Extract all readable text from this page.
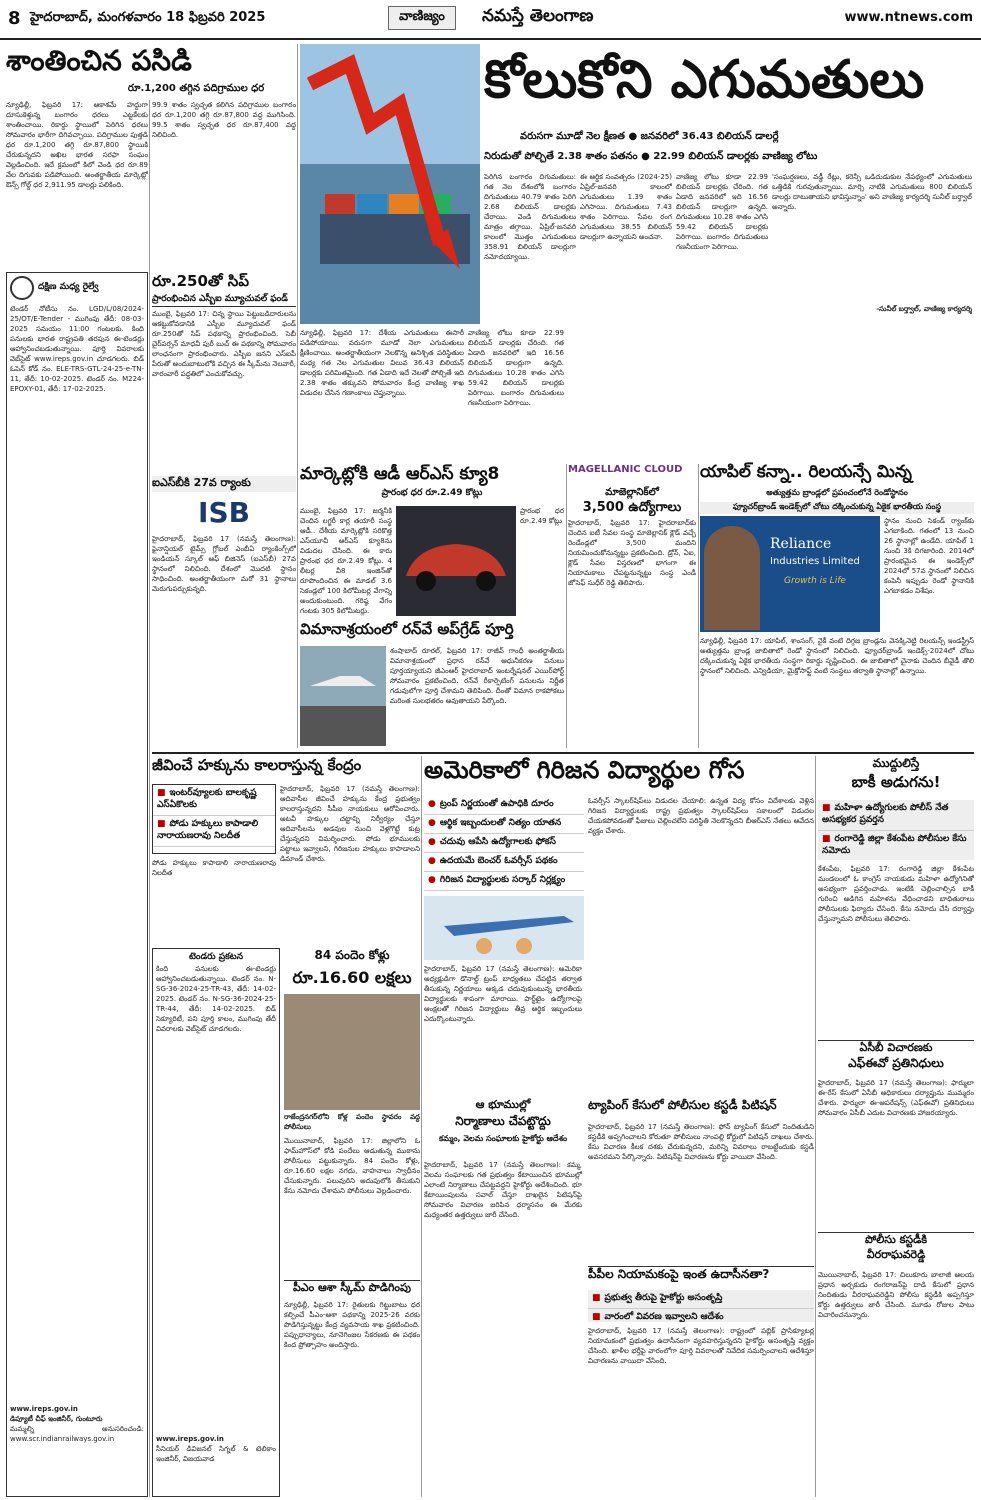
8 హైదరాబాద్, మంగళవారం 18 ఫిబ్రవరి 2025	వాణిజ్యం	నమస్తే తెలంగాణ	www.ntnews.com
శాంతించిన పసిడి
రూ.1,200 తగ్గిన పదిగ్రాముల ధర
న్యూఢిల్లీ, ఫిబ్రవరి 17: ఆకాశమే హద్దుగా దూసుకెళ్తున్న బంగారం ధరలు ఎట్టకేలకు శాంతించాయి. రికార్డు స్థాయిలో పెరిగిన ధరలు సోమవారం భారీగా దిగివచ్చాయి. పదిగ్రాముల పుత్తడి ధర రూ.1,200 తగ్గి రూ.87,800 స్థాయికి చేరుకున్నదని అఖిల భారత సరఫా సంఘం వెల్లడించింది. ఇదే క్రమంలో కిలో వెండి ధర రూ.89 వేల దిగువకు పడిపోయింది. అంతర్జాతీయ మార్కెట్లో ఔన్స్ గోల్డ్ ధర 2,911.95 డాలర్లు పలికింది.
99.9 శాతం స్వచ్ఛత కలిగిన పదిగ్రాముల బంగారం ధర రూ.1,200 తగ్గి రూ.87,800 వద్ద ముగిసింది. 99.5 శాతం స్వచ్ఛత ధర రూ.87,400 వద్ద నిలిచింది.
దక్షిణ మధ్య రైల్వే
టెండర్ నోటీసు నం. LGD/L/08/2024-25/OT/E-Tender - ముగింపు తేదీ: 08-03-2025 సమయం 11:00 గంటలకు. కింది పనులకు భారత రాష్ట్రపతి తరపున ఈ-టెండర్లు ఆహ్వానించబడుతున్నాయి. పూర్తి వివరాలకు వెబ్‌సైట్ www.ireps.gov.in చూడగలరు. బిడ్ ఓపెన్ కోడ్ నం. ELE-TRS-GTL-24-25-e-TN-11, తేదీ: 10-02-2025. టెండర్ నం. M224-EPOXY-01, తేదీ: 17-02-2025.
www.ireps.gov.in
డిప్యూటీ చీఫ్ ఇంజినీర్, గుంటూరు
మమ్మల్ని అనుసరించండి: www.scr.indianrailways.gov.in
కోలుకోని ఎగుమతులు
వరుసగా మూడో నెల క్షీణత ● జనవరిలో 36.43 బిలియన్ డాలర్లే
నిరుడుతో పోల్చితే 2.38 శాతం పతనం ● 22.99 బిలియన్ డాలర్లకు వాణిజ్య లోటు
పెరిగిన బంగారం దిగుమతులు: గత నెల దేశంలోకి బంగారం దిగుమతులు 40.79 శాతం పెరిగి 2.68 బిలియన్ డాలర్లకు చేరాయి. వెండి దిగుమతులు మాత్రం తగ్గాయి. ఏప్రిల్-జనవరి కాలంలో మొత్తం ఎగుమతులు 358.91 బిలియన్ డాలర్లుగా నమోదయ్యాయి.
ఈ ఆర్థిక సంవత్సరం (2024-25) ఏప్రిల్-జనవరి కాలంలో ఎగుమతులు 1.39 శాతం ఎగిసాయి. దిగుమతులు 7.43 శాతం పెరిగాయి. సేవల రంగ ఎగుమతులు 38.55 బిలియన్ డాలర్లుగా ఉన్నాయని అంచనా.
వాణిజ్య లోటు కూడా 22.99 బిలియన్ డాలర్లకు చేరింది. గత ఏడాది జనవరిలో ఇది 16.56 బిలియన్ డాలర్లుగా ఉన్నది. దిగుమతులు 10.28 శాతం ఎగిసి 59.42 బిలియన్ డాలర్లకు పెరిగాయి. బంగారం దిగుమతులు గణనీయంగా పెరిగాయి.
'సంఘర్షణలు, వడ్డీ రేట్లు, కరెన్సీ ఒడిదుడుకుల నేపథ్యంలో ఎగుమతులు ఒత్తిడికి గురవుతున్నాయి. మార్చి నాటికి ఎగుమతులు 800 బిలియన్ డాలర్లు దాటుతాయని భావిస్తున్నాం' అని వాణిజ్య కార్యదర్శి సునీల్ బర్త్వాల్ అన్నారు.
-సునీల్ బర్త్వాల్, వాణిజ్య కార్యదర్శి
న్యూఢిల్లీ, ఫిబ్రవరి 17: దేశీయ ఎగుమతులు ఈసారీ పడిపోయాయి. వరుసగా మూడో నెలా ఎగుమతులు క్షీణించాయి. అంతర్జాతీయంగా నెలకొన్న అనిశ్చిత పరిస్థితుల మధ్య గత నెల ఎగుమతుల విలువ 36.43 బిలియన్ డాలర్లకు పరిమితమైంది. గత ఏడాది ఇదే నెలతో పోల్చితే ఇది 2.38 శాతం తక్కువని సోమవారం కేంద్ర వాణిజ్య శాఖ విడుదల చేసిన గణాంకాలు చెప్తున్నాయి.
వాణిజ్య లోటు కూడా 22.99 బిలియన్ డాలర్లకు చేరింది. గత ఏడాది జనవరిలో ఇది 16.56 బిలియన్ డాలర్లుగా ఉన్నది. దిగుమతులు 10.28 శాతం ఎగిసి 59.42 బిలియన్ డాలర్లకు పెరిగాయి. బంగారం దిగుమతులు గణనీయంగా పెరిగాయి.
రూ.250తో సిప్
ప్రారంభించిన ఎస్బీఐ మ్యూచువల్ ఫండ్
ముంబై, ఫిబ్రవరి 17: చిన్న స్థాయి పెట్టుబడిదారులను ఆకట్టుకోవడానికి ఎస్బీఐ మ్యూచువల్ ఫండ్ రూ.250తో సిప్ పథకాన్ని ప్రారంభించింది. సెబీ చైర్‌పర్సన్ మాధవీ పురీ బుచ్ ఈ పథకాన్ని సోమవారం లాంఛనంగా ప్రారంభించారు. ఎస్బీఐ జనని ఎస్ఐపీ పేరుతో అందుబాటులోకి వచ్చిన ఈ స్కీమ్‌ను నెలవారీ, వారంవారీ పద్ధతిలో ఎంచుకోవచ్చు.
ఐఎస్‌బీకి 27వ ర్యాంకు
ISB
హైదరాబాద్, ఫిబ్రవరి 17 (నమస్తే తెలంగాణ): ఫైనాన్షియల్ టైమ్స్ గ్లోబల్ ఎంబీఏ ర్యాంకింగ్స్‌లో ఇండియన్ స్కూల్ ఆఫ్ బిజినెస్ (ఐఎస్‌బీ) 27వ స్థానంలో నిలిచింది. దేశంలో మొదటి స్థానం సాధించింది. అంతర్జాతీయంగా మరో 31 స్థానాలు మెరుగుపర్చుకున్నది.
మార్కెట్లోకి ఆడీ ఆర్‌ఎస్ క్యూ8
ప్రారంభ ధర రూ.2.49 కోట్లు
ముంబై, ఫిబ్రవరి 17: జర్మనీకి చెందిన లగ్జరీ కార్ల తయారీ సంస్థ ఆడీ.. దేశీయ మార్కెట్లోకి సరికొత్త ఎస్‌యూవీ ఆర్‌ఎస్ క్యూ8ను విడుదల చేసింది. ఈ కారు ప్రారంభ ధర రూ.2.49 కోట్లు. 4 లీటర్ల వీ8 ఇంజిన్‌తో రూపొందించిన ఈ మాడల్ 3.6 సెకండ్లలో 100 కిలోమీటర్ల వేగాన్ని అందుకుంటుంది. గరిష్ఠ వేగం గంటకు 305 కిలోమీటర్లు.
ప్రారంభ ధర రూ.2.49 కోట్లు
విమానాశ్రయంలో రన్‌వే అప్‌గ్రేడ్ పూర్తి
శంషాబాద్ రూరల్, ఫిబ్రవరి 17: రాజీవ్ గాంధీ అంతర్జాతీయ విమానాశ్రయంలో ప్రధాన రన్‌వే ఆధునీకరణ పనులు పూర్తయ్యాయని జీఎంఆర్ హైదరాబాద్ ఇంటర్నేషనల్ ఎయిర్‌పోర్ట్ సోమవారం ప్రకటించింది. రన్‌వే రీకార్పెటింగ్ పనులను నిర్ణీత గడువులోగా పూర్తి చేశామని తెలిపింది. దీంతో విమాన రాకపోకలు మరింత సులభతరం అవుతాయని పేర్కొంది.
MAGELLANIC CLOUD
మాజెల్లానిక్‌లో
3,500 ఉద్యోగాలు
హైదరాబాద్, ఫిబ్రవరి 17: హైదరాబాద్‌కు చెందిన ఐటీ సేవల సంస్థ మాజెల్లానిక్ క్లౌడ్ వచ్చే రెండేండ్లలో 3,500 మందిని నియమించుకోనున్నట్టు ప్రకటించింది. డ్రోన్, ఏఐ, క్లౌడ్ సేవల విస్తరణలో భాగంగా ఈ నియామకాలు చేపట్టనున్నట్టు సంస్థ ఎండీ జోసెఫ్ సుధీర్ రెడ్డి తెలిపారు.
యాపిల్ కన్నా.. రిలయన్సే మిన్న
అత్యుత్తమ బ్రాండ్లలో ప్రపంచంలోనే రెండోస్థానం
ఫ్యూచర్‌బ్రాండ్ ఇండెక్స్‌లో చోటు దక్కించుకున్న ఏకైక భారతీయ సంస్థ
Reliance
Industries Limited
Growth is Life
స్థానం నుంచి సెకండ్ ర్యాంక్‌కు ఎగబాకింది. గతంలో 13 నుంచి 26 స్థానాల్లో ఉండేది. యాపిల్ 1 నుంచి 3కి దిగజారింది. 2014లో ప్రారంభమైన ఈ ఇండెక్స్‌లో 2024లో 57వ స్థానంలో నిలిచిన కంపెనీ ఇప్పుడు రెండో స్థానానికి ఎగబాకడం విశేషం.
న్యూఢిల్లీ, ఫిబ్రవరి 17: యాపిల్, శాంసంగ్, నైకీ వంటి దిగ్గజ బ్రాండ్లను వెనక్కినెట్టి రిలయన్స్ ఇండస్ట్రీస్ అత్యుత్తమ బ్రాండ్ల జాబితాలో రెండో స్థానంలో నిలిచింది. ఫ్యూచర్‌బ్రాండ్ ఇండెక్స్-2024లో చోటు దక్కించుకున్న ఏకైక భారతీయ సంస్థగా రికార్డు సృష్టించింది. ఈ జాబితాలో చైనాకు చెందిన బీవైడీ తొలి స్థానంలో నిలిచింది. ఎన్విడియా, మైక్రోసాఫ్ట్ వంటి సంస్థలు తర్వాతి స్థానాల్లో ఉన్నాయి.
జీవించే హక్కును కాలరాస్తున్న కేంద్రం
■ ఇంటర్‌వ్యూలకు బాలకృష్ణ ఎస్ఏకొలకు
■ పోడు హక్కులు కాపాడాలి నారాయణరావు నిలదీత
హైదరాబాద్, ఫిబ్రవరి 17 (నమస్తే తెలంగాణ): ఆదివాసీల జీవించే హక్కును కేంద్ర ప్రభుత్వం కాలరాస్తున్నదని సీపీఐ నాయకులు ఆరోపించారు. అటవీ హక్కుల చట్టాన్ని నిర్వీర్యం చేస్తూ ఆదివాసీలను అడవుల నుంచి వెళ్లగొట్టే కుట్ర చేస్తున్నదని విమర్శించారు. పోడు భూములకు పట్టాలు ఇవ్వాలని, గిరిజనుల హక్కులు కాపాడాలని డిమాండ్ చేశారు.
పోడు హక్కులు కాపాడాలి నారాయణరావు నిలదీత
టెండరు ప్రకటన
కింది పనులకు ఈ-టెండర్లు ఆహ్వానించబడుతున్నాయి. టెండర్ నం. N-SG-36-2024-25-TR-43, తేదీ: 14-02-2025. టెండర్ నం. N-SG-36-2024-25-TR-44, తేదీ: 14-02-2025. బిడ్ సెక్యూరిటీ, పని పూర్తి కాలం, ముగింపు తేదీ వివరాలకు వెబ్‌సైట్ చూడగలరు.
www.ireps.gov.in
సీనియర్ డివిజనల్ సిగ్నల్ & టెలికాం ఇంజినీర్, విజయవాడ
84 పందెం కోళ్లు
రూ.16.60 లక్షలు
రాజేంద్రనగర్‌లోని కోళ్ల పందెం స్థావరం వద్ద పోలీసులు
మొయినాబాద్, ఫిబ్రవరి 17: జిల్లాలోని ఓ ఫామ్‌హౌస్‌లో కోడి పందేలు ఆడుతున్న ముఠాను పోలీసులు పట్టుకున్నారు. 84 పందెం కోళ్లు, రూ.16.60 లక్షల నగదు, వాహనాలు స్వాధీనం చేసుకున్నారు. పలువురిని అదుపులోకి తీసుకుని కేసు నమోదు చేశామని పోలీసులు వెల్లడించారు.
పీఎం ఆశా స్కీమ్ పొడిగింపు
న్యూఢిల్లీ, ఫిబ్రవరి 17: రైతులకు గిట్టుబాటు ధర కల్పించే పీఎం-ఆశా పథకాన్ని 2025-26 వరకు పొడిగిస్తున్నట్టు కేంద్ర వ్యవసాయ శాఖ ప్రకటించింది. పప్పుధాన్యాలు, నూనెగింజల సేకరణకు ఈ పథకం కింద ప్రోత్సాహం అందిస్తారు.
అమెరికాలో గిరిజన విద్యార్థుల గోస
● ట్రంప్ నిర్ణయంతో ఉపాధికి దూరం
● ఆర్థిక ఇబ్బందులతో నిత్యం యాతన
● చదువు ఆపేసి ఉద్యోగాలకు ఫోకస్
● ఉదయమే బెంచర్ ఓవర్సీస్ పథకం
● గిరిజన విద్యార్థులకు సర్కార్ నిర్లక్ష్యం
హైదరాబాద్, ఫిబ్రవరి 17 (నమస్తే తెలంగాణ): అమెరికా అధ్యక్షుడిగా డొనాల్డ్ ట్రంప్ బాధ్యతలు చేపట్టిన తర్వాత తీసుకున్న నిర్ణయాలు అక్కడ చదువుకుంటున్న భారతీయ విద్యార్థులకు శాపంగా మారాయి. పార్ట్‌టైం ఉద్యోగాలపై ఆంక్షలతో గిరిజన విద్యార్థులు తీవ్ర ఆర్థిక ఇబ్బందులు ఎదుర్కొంటున్నారు.
ఓవర్సీస్ స్కాలర్‌షిప్‌లు విడుదల చేయాలి: ఉన్నత విద్య కోసం విదేశాలకు వెళ్లిన గిరిజన విద్యార్థులకు రాష్ట్ర ప్రభుత్వం స్కాలర్‌షిప్‌లు సకాలంలో విడుదల చేయకపోవడంతో ఫీజులు చెల్లించలేని పరిస్థితి నెలకొన్నదని బీఆర్‌ఎస్ నేతలు ఆవేదన వ్యక్తం చేశారు.
ఆ భూముల్లో
నిర్మాణాలు చేపట్టొద్దు
కమ్మం, వెలమ సంఘాలకు హైకోర్టు ఆదేశం
హైదరాబాద్, ఫిబ్రవరి 17 (నమస్తే తెలంగాణ): కమ్మ, వెలమ సంఘాలకు గత ప్రభుత్వం కేటాయించిన భూముల్లో ఎలాంటి నిర్మాణాలు చేపట్టవద్దని హైకోర్టు ఆదేశించింది. భూ కేటాయింపులను సవాల్ చేస్తూ దాఖలైన పిటిషన్‌పై సోమవారం విచారణ జరిపిన ధర్మాసనం ఈ మేరకు మధ్యంతర ఉత్తర్వులు జారీ చేసింది.
ట్యాపింగ్ కేసులో పోలీసుల కస్టడీ పిటిషన్
హైదరాబాద్, ఫిబ్రవరి 17 (నమస్తే తెలంగాణ): ఫోన్ ట్యాపింగ్ కేసులో నిందితుడిని కస్టడీకి అప్పగించాలని కోరుతూ పోలీసులు నాంపల్లి కోర్టులో పిటిషన్ దాఖలు చేశారు. కేసు విచారణ కీలక దశకు చేరుకున్నదని, మరిన్ని వివరాలు రాబట్టేందుకు కస్టడీ అవసరమని పేర్కొన్నారు. పిటిషన్‌పై విచారణను కోర్టు వాయిదా వేసింది.
పీపీల నియామకంపై ఇంత ఉదాసీనతా?
■ ప్రభుత్వ తీరుపై హైకోర్టు అసంతృప్తి
■ వారంలో వివరణ ఇవ్వాలని ఆదేశం
హైదరాబాద్, ఫిబ్రవరి 17 (నమస్తే తెలంగాణ): రాష్ట్రంలో పబ్లిక్ ప్రాసిక్యూటర్ల నియామకంలో ప్రభుత్వం ఉదాసీనంగా వ్యవహరిస్తున్నదని హైకోర్టు అసంతృప్తి వ్యక్తం చేసింది. ఖాళీల భర్తీపై వారంలోగా పూర్తి వివరాలతో నివేదిక సమర్పించాలని ఆదేశిస్తూ విచారణను వాయిదా వేసింది.
ముద్దులిస్తే
బాకీ అడుగను!
■ మహిళా ఉద్యోగులకు పోలీస్ నేత అసభ్యకర ప్రవర్తన
■ రంగారెడ్డి జిల్లా కేశంపేట పోలీసుల కేసు నమోదు
కేశంపేట, ఫిబ్రవరి 17: రంగారెడ్డి జిల్లా కేశంపేట మండలంలో ఓ కాంగ్రెస్ నాయకుడు మహిళా ఉద్యోగినితో అసభ్యంగా ప్రవర్తించాడు. ఇంటికి చెల్లించాల్సిన బాకీ గురించి అడిగిన మహిళను వేధించాడని బాధితురాలు పోలీసులకు ఫిర్యాదు చేసింది. కేసు నమోదు చేసి దర్యాప్తు చేస్తున్నామని పోలీసులు తెలిపారు.
ఏసీబీ విచారణకు
ఎఫ్‌ఈవో ప్రతినిధులు
హైదరాబాద్, ఫిబ్రవరి 17 (నమస్తే తెలంగాణ): ఫార్ములా ఈ-రేస్ కేసులో ఏసీబీ అధికారులు దర్యాప్తును ముమ్మరం చేశారు. ఫార్ములా ఈ-ఆపరేషన్స్ (ఎఫ్‌ఈవో) ప్రతినిధులు సోమవారం ఏసీబీ ఎదుట విచారణకు హాజరయ్యారు.
పోలీసు కస్టడీకి
వీరరాఘవరెడ్డి
మొయినాబాద్, ఫిబ్రవరి 17: చిలుకూరు బాలాజీ ఆలయ ప్రధాన అర్చకుడు రంగరాజన్‌పై దాడి కేసులో ప్రధాన నిందితుడు వీరరాఘవరెడ్డిని పోలీసు కస్టడీకి అప్పగిస్తూ కోర్టు ఉత్తర్వులు జారీ చేసింది. మూడు రోజుల పాటు విచారించనున్నారు.
